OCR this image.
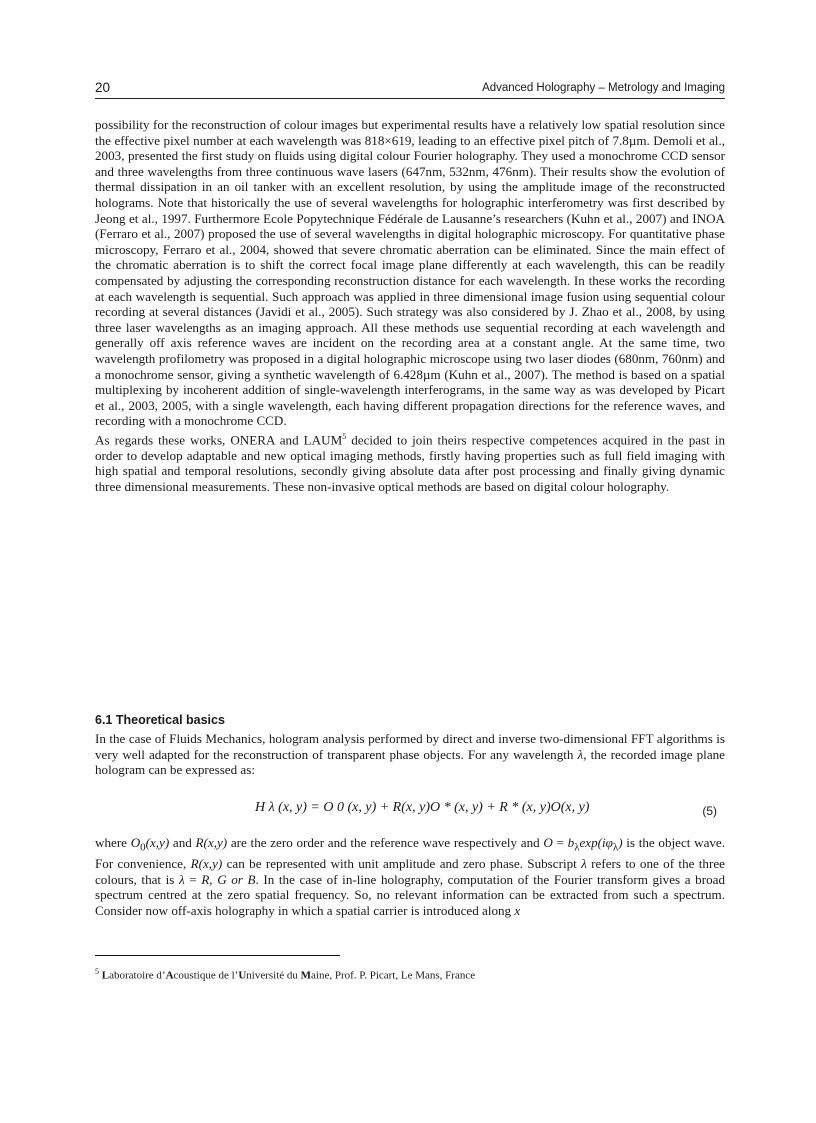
20	Advanced Holography – Metrology and Imaging

possibility for the reconstruction of colour images but experimental results have a relatively low spatial resolution since the effective pixel number at each wavelength was 818×619, leading to an effective pixel pitch of 7.8µm. Demoli et al., 2003, presented the first study on fluids using digital colour Fourier holography. They used a monochrome CCD sensor and three wavelengths from three continuous wave lasers (647nm, 532nm, 476nm). Their results show the evolution of thermal dissipation in an oil tanker with an excellent resolution, by using the amplitude image of the reconstructed holograms. Note that historically the use of several wavelengths for holographic interferometry was first described by Jeong et al., 1997. Furthermore Ecole Popytechnique Fédérale de Lausanne’s researchers (Kuhn et al., 2007) and INOA (Ferraro et al., 2007) proposed the use of several wavelengths in digital holographic microscopy. For quantitative phase microscopy, Ferraro et al., 2004, showed that severe chromatic aberration can be eliminated. Since the main effect of the chromatic aberration is to shift the correct focal image plane differently at each wavelength, this can be readily compensated by adjusting the corresponding reconstruction distance for each wavelength. In these works the recording at each wavelength is sequential. Such approach was applied in three dimensional image fusion using sequential colour recording at several distances (Javidi et al., 2005). Such strategy was also considered by J. Zhao et al., 2008, by using three laser wavelengths as an imaging approach. All these methods use sequential recording at each wavelength and generally off axis reference waves are incident on the recording area at a constant angle. At the same time, two wavelength profilometry was proposed in a digital holographic microscope using two laser diodes (680nm, 760nm) and a monochrome sensor, giving a synthetic wavelength of 6.428µm (Kuhn et al., 2007). The method is based on a spatial multiplexing by incoherent addition of single-wavelength interferograms, in the same way as was developed by Picart et al., 2003, 2005, with a single wavelength, each having different propagation directions for the reference waves, and recording with a monochrome CCD.

As regards these works, ONERA and LAUM$^5$ decided to join theirs respective competences acquired in the past in order to develop adaptable and new optical imaging methods, firstly having properties such as full field imaging with high spatial and temporal resolutions, secondly giving absolute data after post processing and finally giving dynamic three dimensional measurements. These non-invasive optical methods are based on digital colour holography.

6.1 Theoretical basics

In the case of Fluids Mechanics, hologram analysis performed by direct and inverse two-dimensional FFT algorithms is very well adapted for the reconstruction of transparent phase objects. For any wavelength λ, the recorded image plane hologram can be expressed as:

H λ (x, y) = O 0 (x, y) + R(x, y)O * (x, y) + R * (x, y)O(x, y)	(5)

where $O_0(x,y)$ and R(x,y) are the zero order and the reference wave respectively and $O = b_\lambda\exp(i\varphi_\lambda)$ is the object wave. For convenience, R(x,y) can be represented with unit amplitude and zero phase. Subscript λ refers to one of the three colours, that is λ = R, G or B. In the case of in-line holography, computation of the Fourier transform gives a broad spectrum centred at the zero spatial frequency. So, no relevant information can be extracted from such a spectrum. Consider now off-axis holography in which a spatial carrier is introduced along x

$^5$ Laboratoire d’Acoustique de l’Université du Maine, Prof. P. Picart, Le Mans, France
